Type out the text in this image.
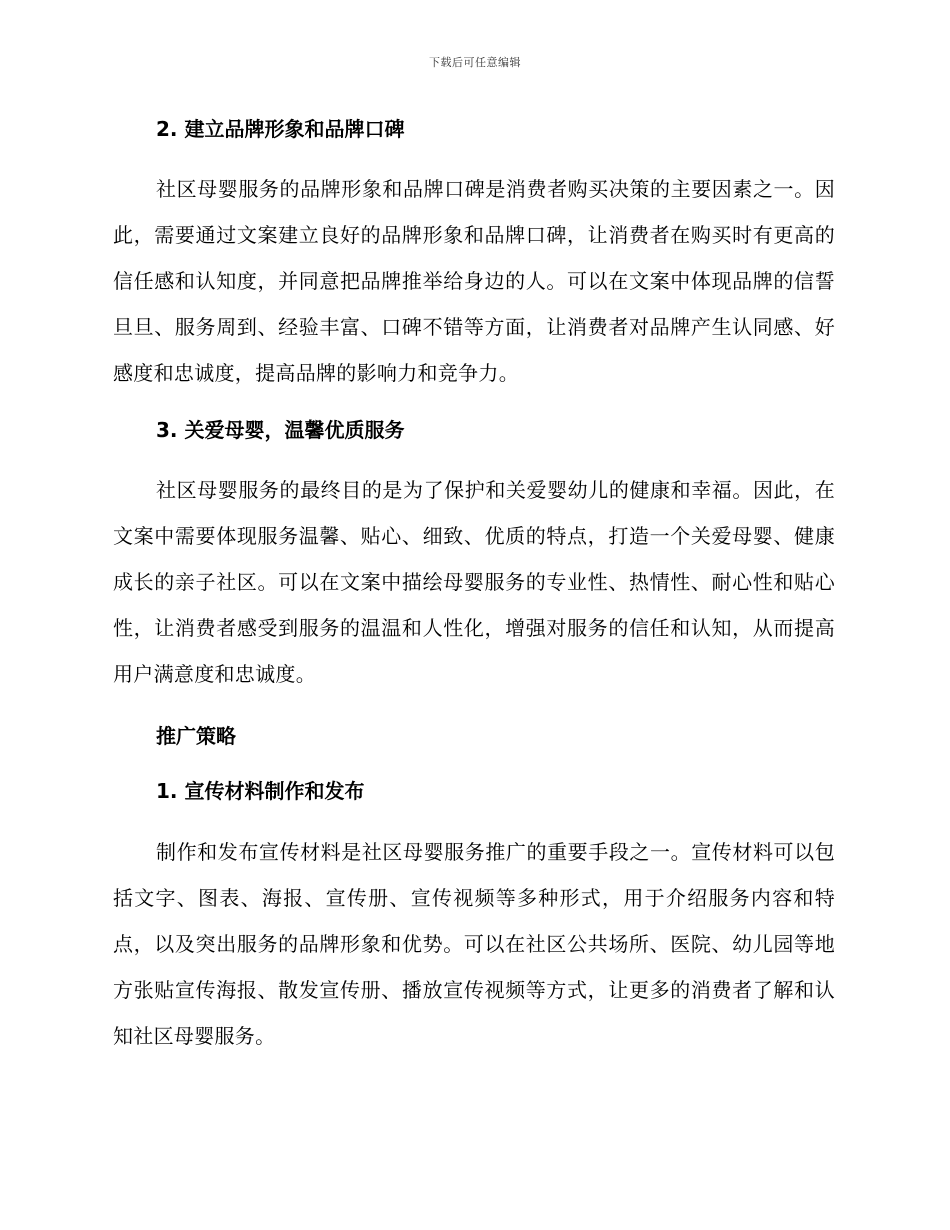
下载后可任意编辑

2. 建立品牌形象和品牌口碑

社区母婴服务的品牌形象和品牌口碑是消费者购买决策的主要因素之一。因此，需要通过文案建立良好的品牌形象和品牌口碑，让消费者在购买时有更高的信任感和认知度，并同意把品牌推举给身边的人。可以在文案中体现品牌的信誓旦旦、服务周到、经验丰富、口碑不错等方面，让消费者对品牌产生认同感、好感度和忠诚度，提高品牌的影响力和竞争力。

3. 关爱母婴，温馨优质服务

社区母婴服务的最终目的是为了保护和关爱婴幼儿的健康和幸福。因此，在文案中需要体现服务温馨、贴心、细致、优质的特点，打造一个关爱母婴、健康成长的亲子社区。可以在文案中描绘母婴服务的专业性、热情性、耐心性和贴心性，让消费者感受到服务的温温和人性化，增强对服务的信任和认知，从而提高用户满意度和忠诚度。

推广策略

1. 宣传材料制作和发布

制作和发布宣传材料是社区母婴服务推广的重要手段之一。宣传材料可以包括文字、图表、海报、宣传册、宣传视频等多种形式，用于介绍服务内容和特点，以及突出服务的品牌形象和优势。可以在社区公共场所、医院、幼儿园等地方张贴宣传海报、散发宣传册、播放宣传视频等方式，让更多的消费者了解和认知社区母婴服务。
